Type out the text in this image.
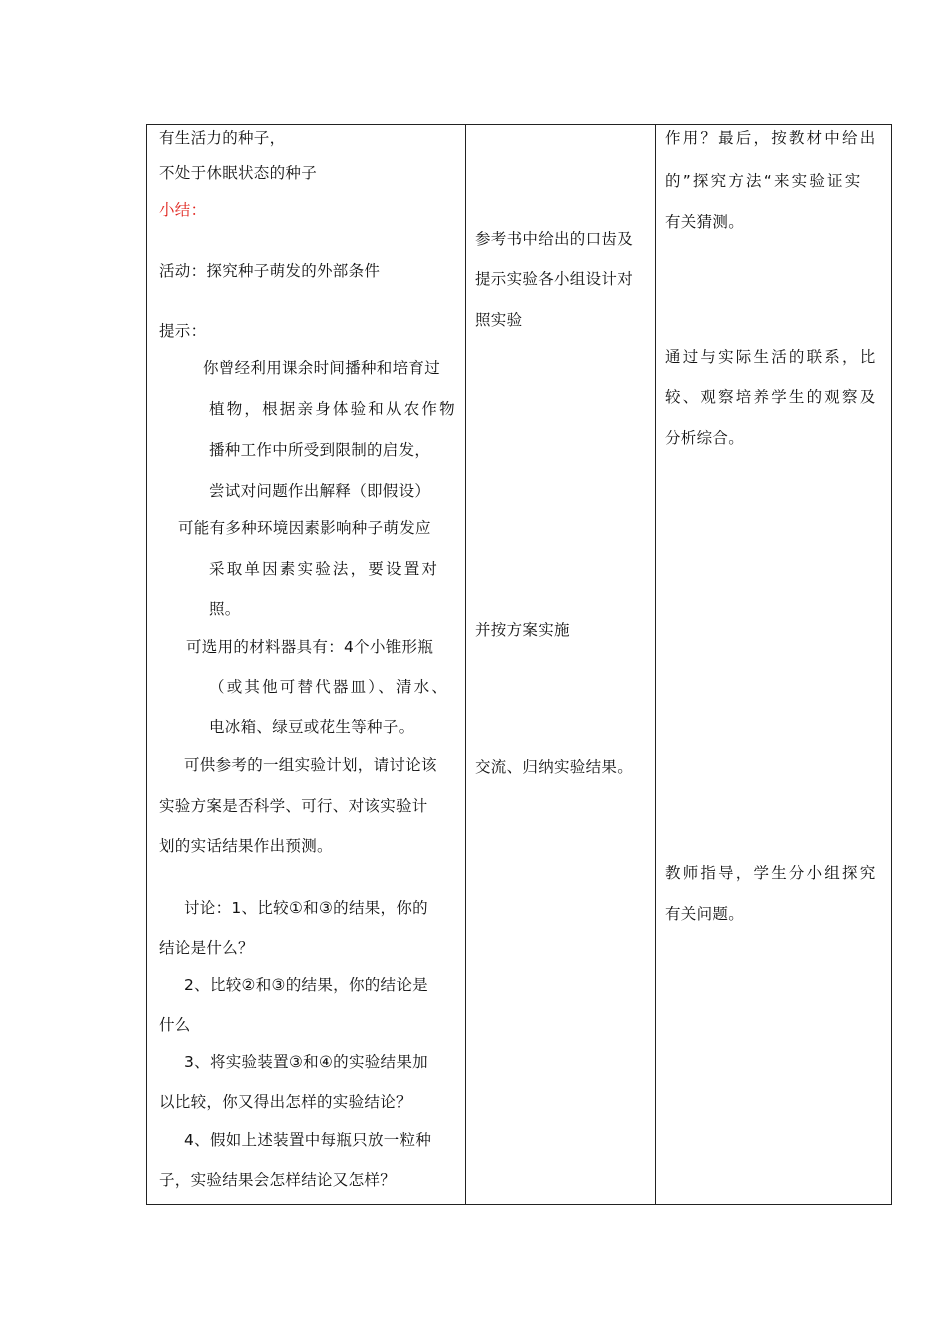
有生活力的种子，
不处于休眠状态的种子
小结：
活动：探究种子萌发的外部条件
提示：
你曾经利用课余时间播种和培育过
植物，根据亲身体验和从农作物
播种工作中所受到限制的启发，
尝试对问题作出解释（即假设）
可能有多种环境因素影响种子萌发应
采取单因素实验法，要设置对
照。
可选用的材料器具有：4个小锥形瓶
（或其他可替代器皿）、清水、
电冰箱、绿豆或花生等种子。
可供参考的一组实验计划，请讨论该
实验方案是否科学、可行、对该实验计
划的实话结果作出预测。
讨论：1、比较①和③的结果，你的
结论是什么？
2、比较②和③的结果，你的结论是
什么
3、将实验装置③和④的实验结果加
以比较，你又得出怎样的实验结论？
4、假如上述装置中每瓶只放一粒种
子，实验结果会怎样结论又怎样？
参考书中给出的口齿及
提示实验各小组设计对
照实验
并按方案实施
交流、归纳实验结果。
作用？最后，按教材中给出
的”探究方法“来实验证实
有关猜测。
通过与实际生活的联系，比
较、观察培养学生的观察及
分析综合。
教师指导，学生分小组探究
有关问题。
